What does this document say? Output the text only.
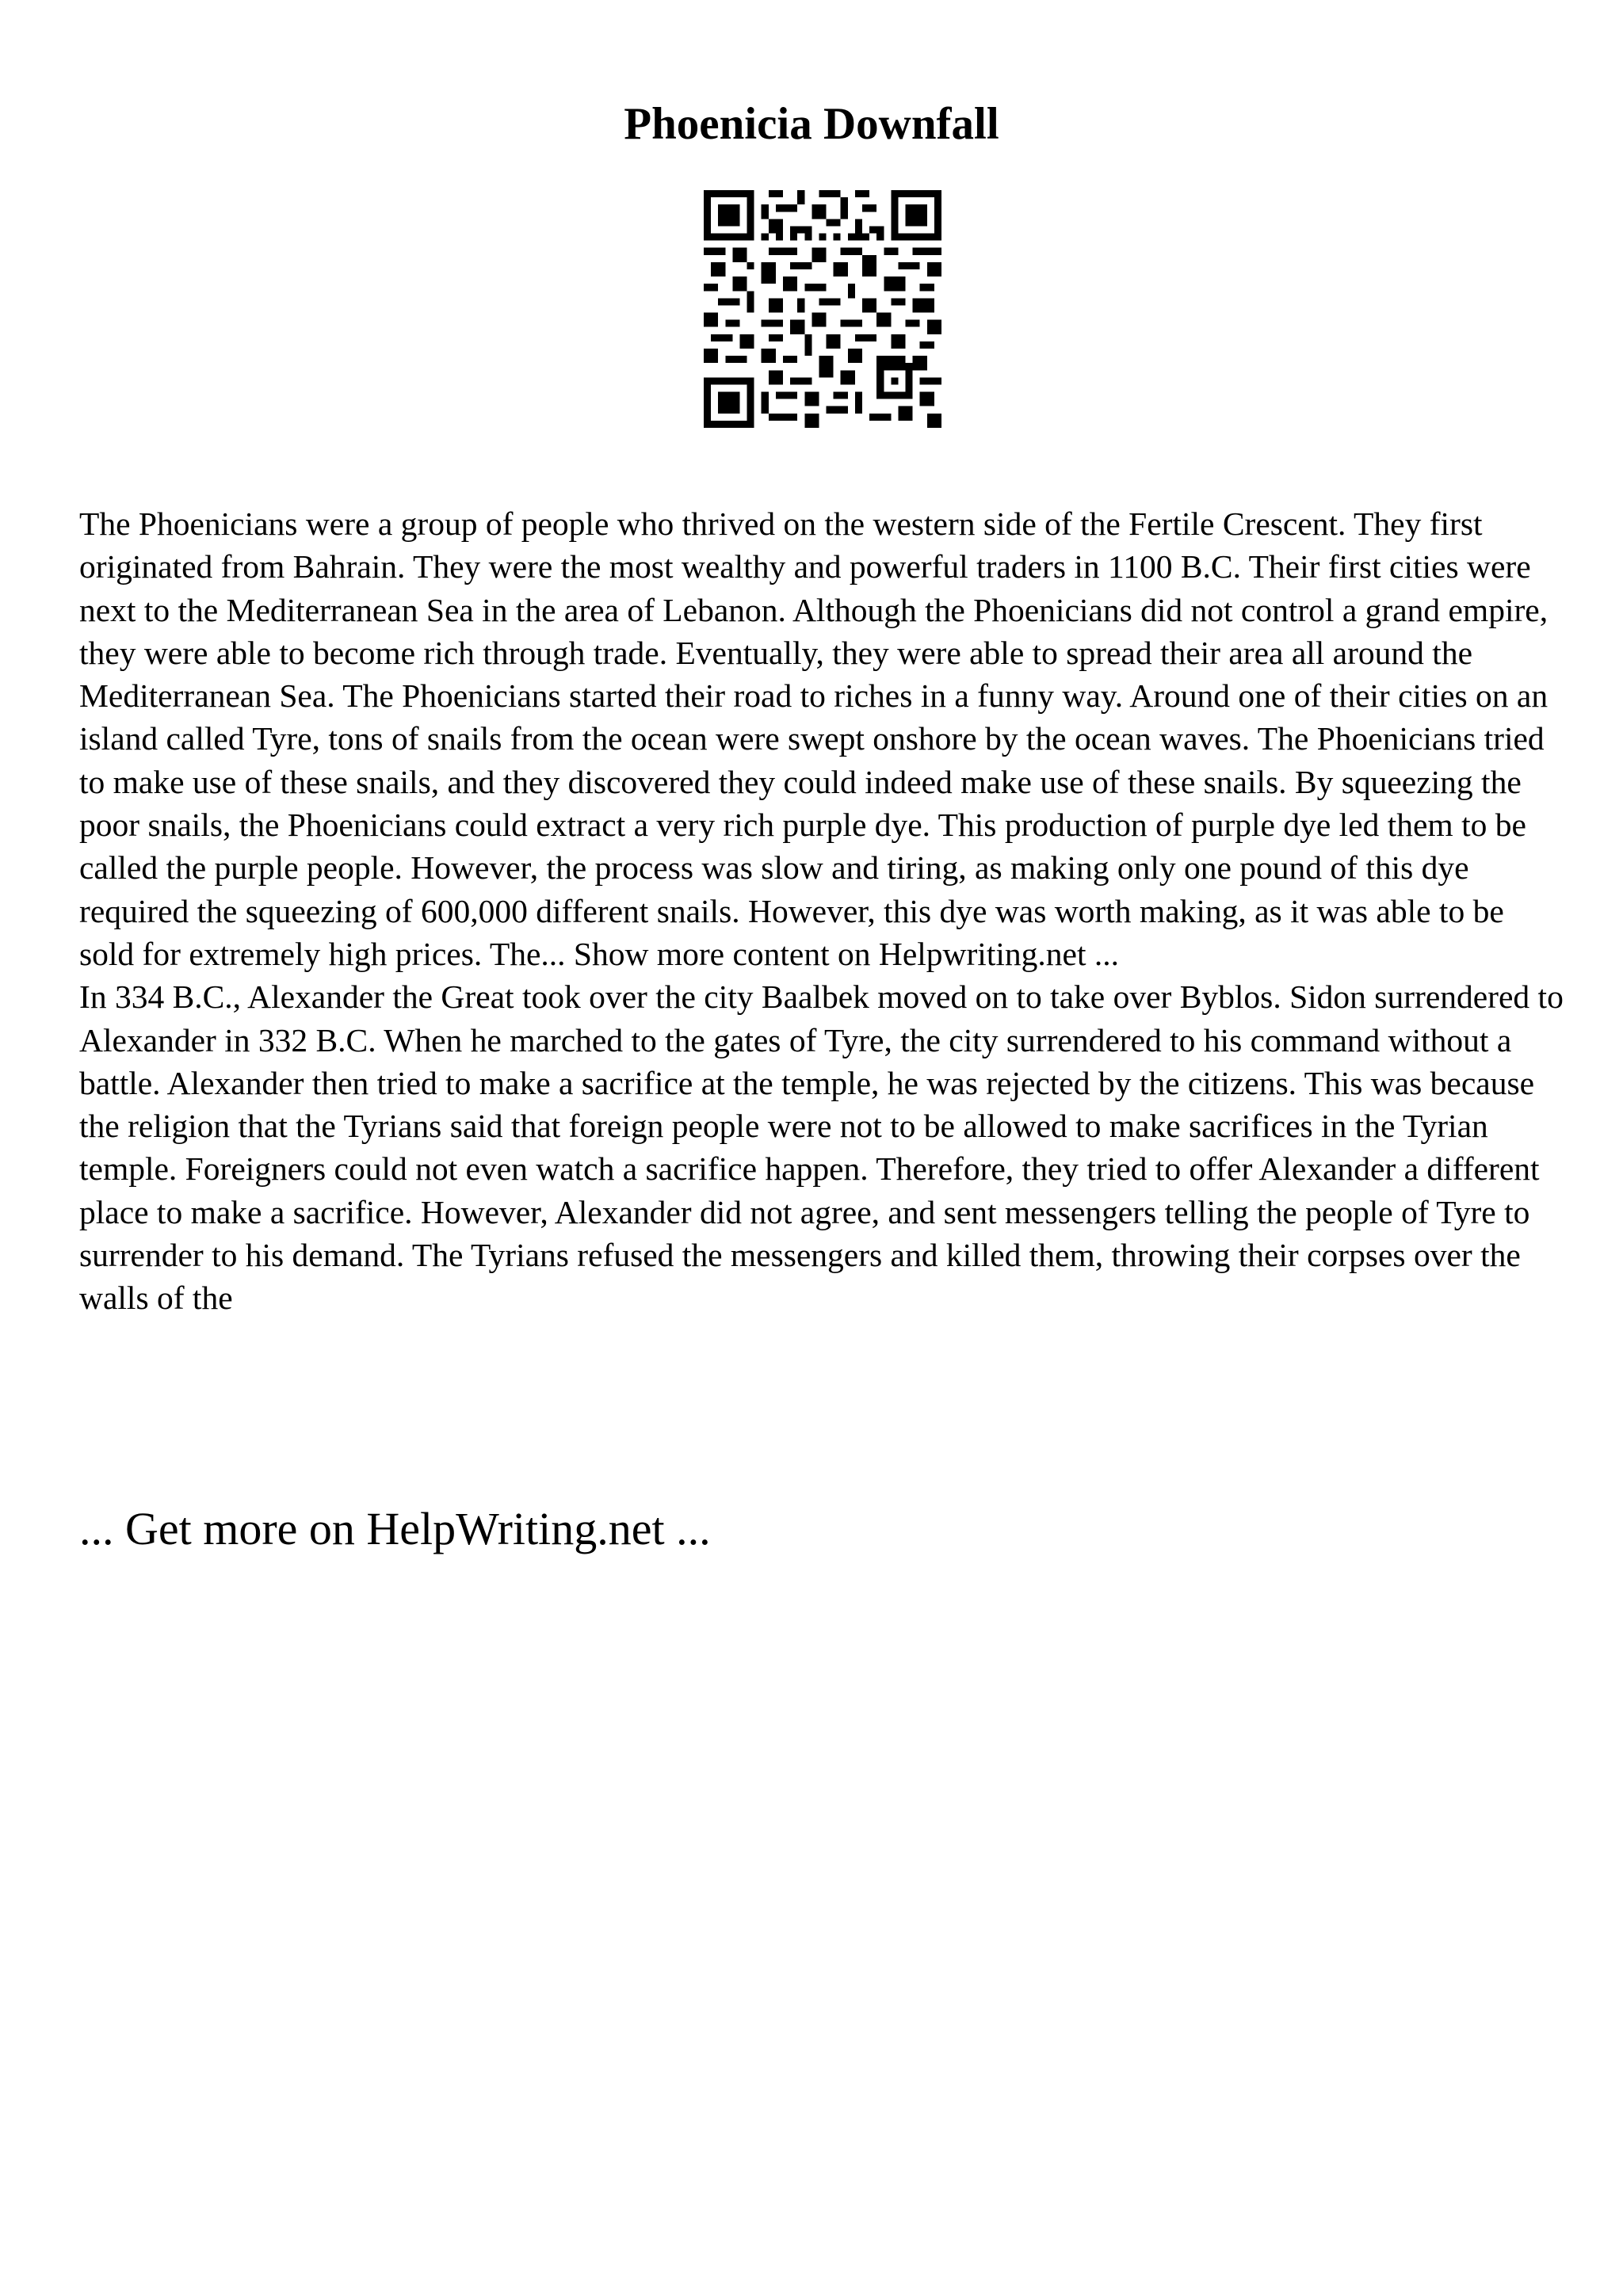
Phoenicia Downfall

The Phoenicians were a group of people who thrived on the western side of the Fertile Crescent. They first originated from Bahrain. They were the most wealthy and powerful traders in 1100 B.C. Their first cities were next to the Mediterranean Sea in the area of Lebanon. Although the Phoenicians did not control a grand empire, they were able to become rich through trade. Eventually, they were able to spread their area all around the Mediterranean Sea. The Phoenicians started their road to riches in a funny way. Around one of their cities on an island called Tyre, tons of snails from the ocean were swept onshore by the ocean waves. The Phoenicians tried to make use of these snails, and they discovered they could indeed make use of these snails. By squeezing the poor snails, the Phoenicians could extract a very rich purple dye. This production of purple dye led them to be called the purple people. However, the process was slow and tiring, as making only one pound of this dye required the squeezing of 600,000 different snails. However, this dye was worth making, as it was able to be sold for extremely high prices. The... Show more content on Helpwriting.net ...

In 334 B.C., Alexander the Great took over the city Baalbek moved on to take over Byblos. Sidon surrendered to Alexander in 332 B.C. When he marched to the gates of Tyre, the city surrendered to his command without a battle. Alexander then tried to make a sacrifice at the temple, he was rejected by the citizens. This was because the religion that the Tyrians said that foreign people were not to be allowed to make sacrifices in the Tyrian temple. Foreigners could not even watch a sacrifice happen. Therefore, they tried to offer Alexander a different place to make a sacrifice. However, Alexander did not agree, and sent messengers telling the people of Tyre to surrender to his demand. The Tyrians refused the messengers and killed them, throwing their corpses over the walls of the

... Get more on HelpWriting.net ...
